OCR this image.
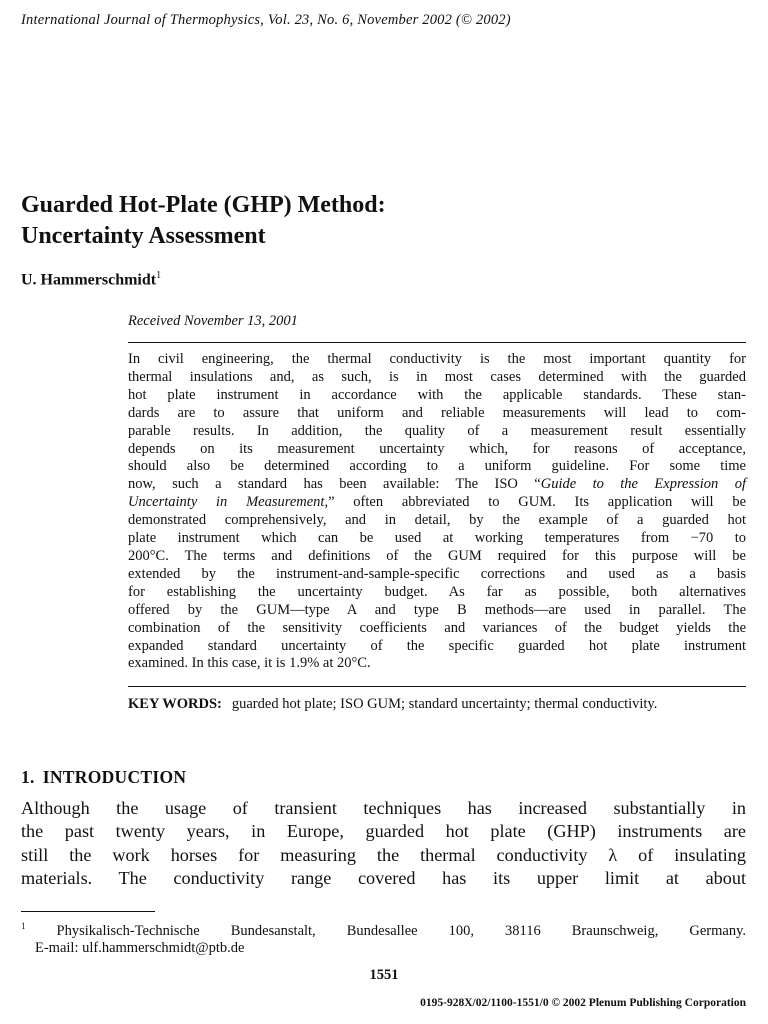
International Journal of Thermophysics, Vol. 23, No. 6, November 2002 (© 2002)
Guarded Hot-Plate (GHP) Method:
Uncertainty Assessment
U. Hammerschmidt$^1$
Received November 13, 2001
In civil engineering, the thermal conductivity is the most important quantity for
thermal insulations and, as such, is in most cases determined with the guarded
hot plate instrument in accordance with the applicable standards. These stan-
dards are to assure that uniform and reliable measurements will lead to com-
parable results. In addition, the quality of a measurement result essentially
depends on its measurement uncertainty which, for reasons of acceptance,
should also be determined according to a uniform guideline. For some time
now, such a standard has been available: The ISO “Guide to the Expression of
Uncertainty in Measurement,” often abbreviated to GUM. Its application will be
demonstrated comprehensively, and in detail, by the example of a guarded hot
plate instrument which can be used at working temperatures from −70 to
200°C. The terms and definitions of the GUM required for this purpose will be
extended by the instrument-and-sample-specific corrections and used as a basis
for establishing the uncertainty budget. As far as possible, both alternatives
offered by the GUM—type A and type B methods—are used in parallel. The
combination of the sensitivity coefficients and variances of the budget yields the
expanded standard uncertainty of the specific guarded hot plate instrument
examined. In this case, it is 1.9% at 20°C.
KEY WORDS: guarded hot plate; ISO GUM; standard uncertainty; thermal conductivity.
1. INTRODUCTION
Although the usage of transient techniques has increased substantially in
the past twenty years, in Europe, guarded hot plate (GHP) instruments are
still the work horses for measuring the thermal conductivity λ of insulating
materials. The conductivity range covered has its upper limit at about
$^1$ Physikalisch-Technische Bundesanstalt, Bundesallee 100, 38116 Braunschweig, Germany.
E-mail: ulf.hammerschmidt@ptb.de
1551
0195-928X/02/1100-1551/0 © 2002 Plenum Publishing Corporation
